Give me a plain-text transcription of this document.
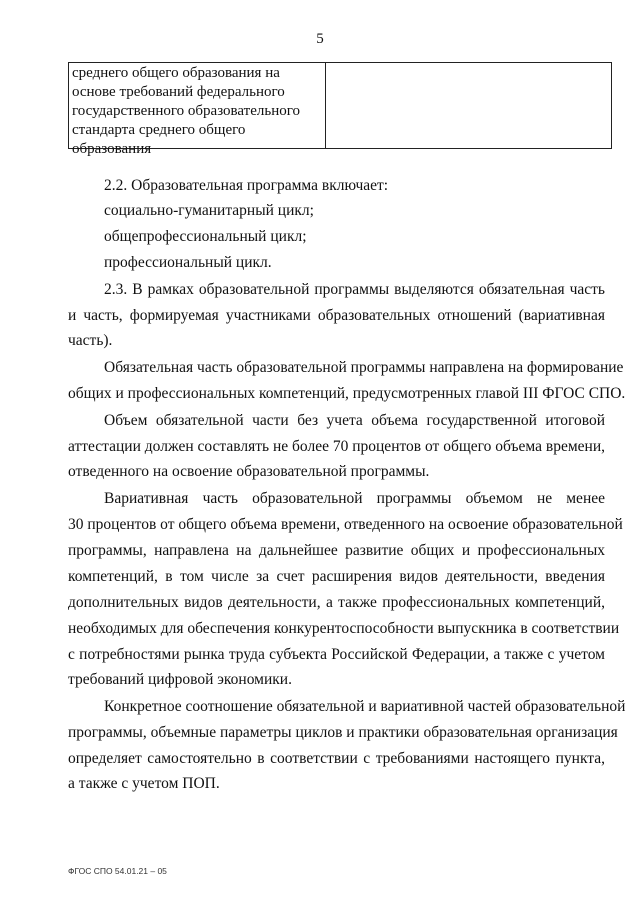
5
среднего общего образования на
основе требований федерального
государственного образовательного
стандарта среднего общего
образования
2.2. Образовательная программа включает:
социально-гуманитарный цикл;
общепрофессиональный цикл;
профессиональный цикл.
2.3. В рамках образовательной программы выделяются обязательная часть
и часть, формируемая участниками образовательных отношений (вариативная
часть).
Обязательная часть образовательной программы направлена на формирование
общих и профессиональных компетенций, предусмотренных главой III ФГОС СПО.
Объем обязательной части без учета объема государственной итоговой
аттестации должен составлять не более 70 процентов от общего объема времени,
отведенного на освоение образовательной программы.
Вариативная часть образовательной программы объемом не менее
30 процентов от общего объема времени, отведенного на освоение образовательной
программы, направлена на дальнейшее развитие общих и профессиональных
компетенций, в том числе за счет расширения видов деятельности, введения
дополнительных видов деятельности, а также профессиональных компетенций,
необходимых для обеспечения конкурентоспособности выпускника в соответствии
с потребностями рынка труда субъекта Российской Федерации, а также с учетом
требований цифровой экономики.
Конкретное соотношение обязательной и вариативной частей образовательной
программы, объемные параметры циклов и практики образовательная организация
определяет самостоятельно в соответствии с требованиями настоящего пункта,
а также с учетом ПОП.
ФГОС СПО 54.01.21 – 05
